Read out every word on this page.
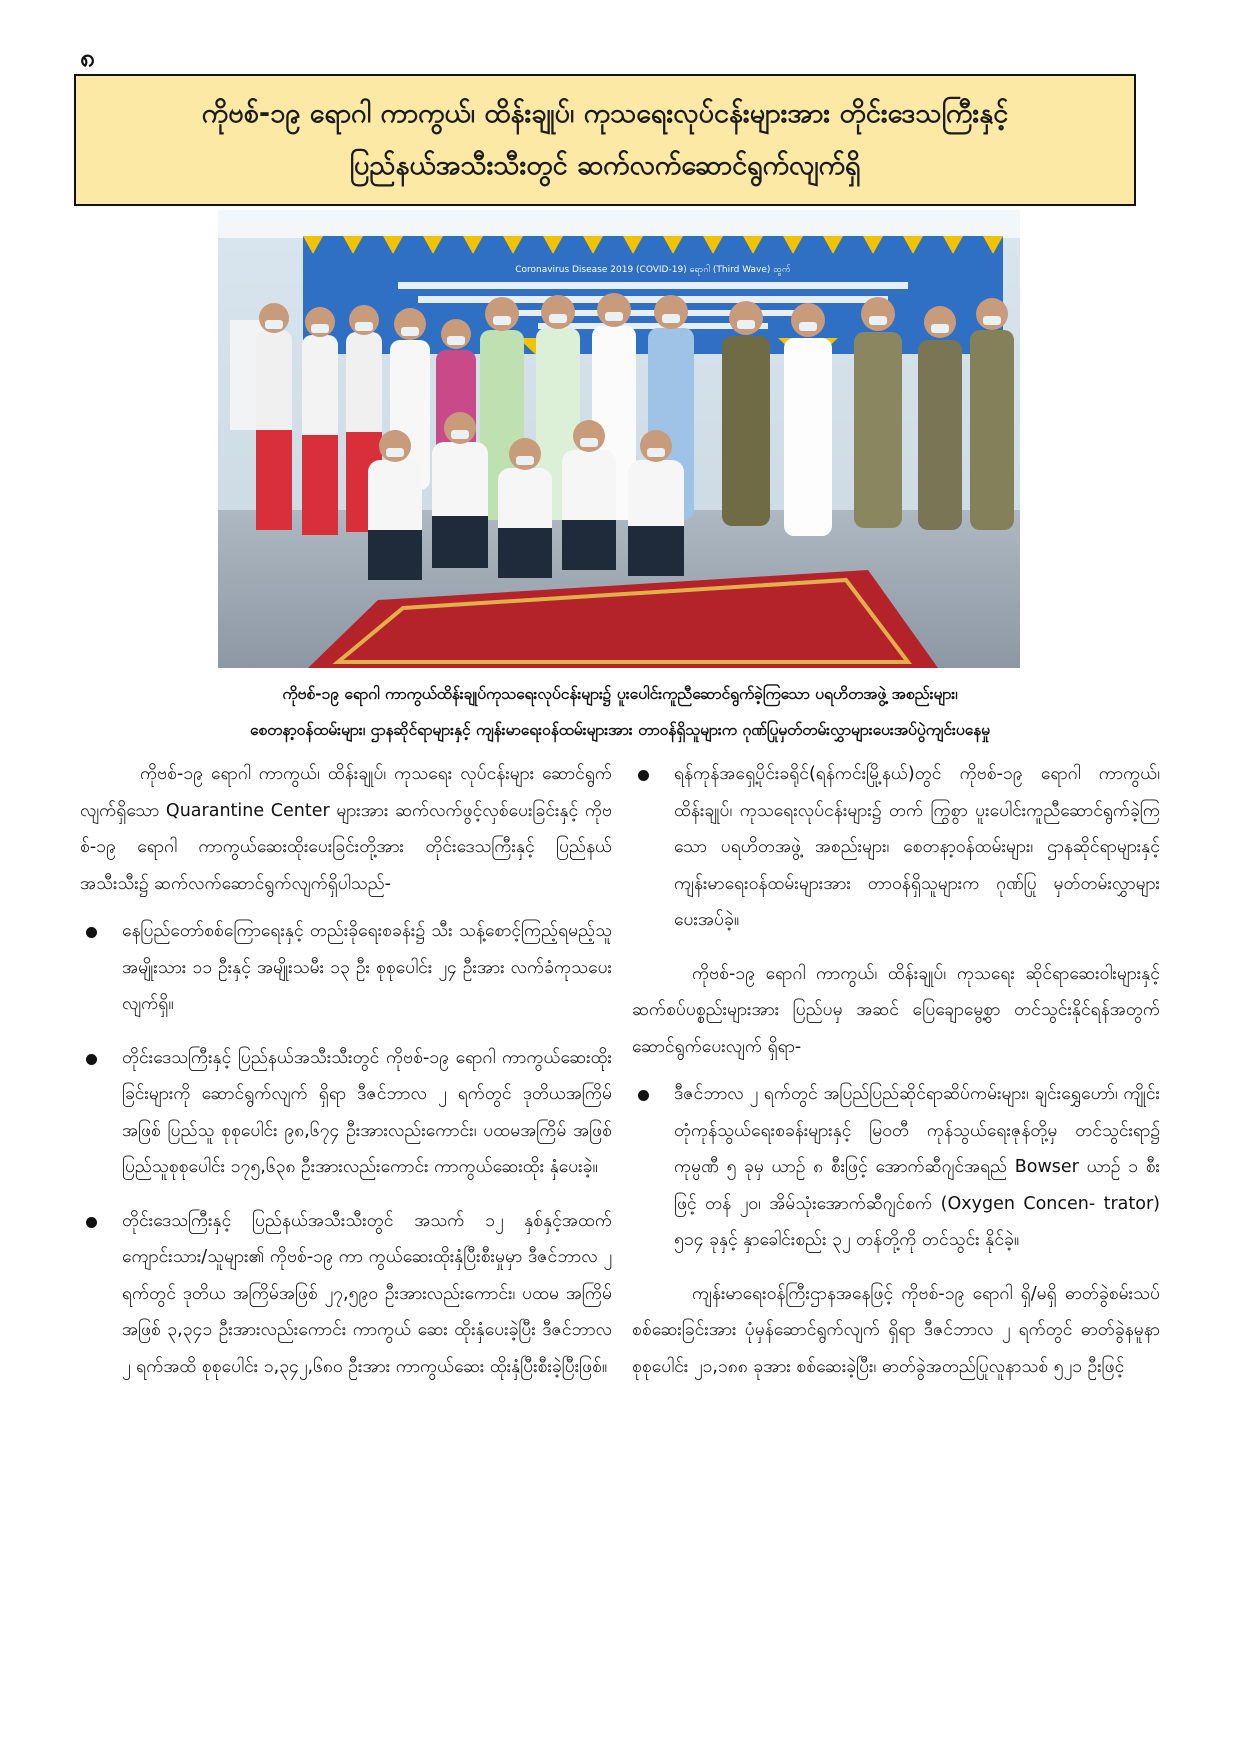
၈
ကိုဗစ်-၁၉ ရောဂါ ကာကွယ်၊ ထိန်းချုပ်၊ ကုသရေးလုပ်ငန်းများအား တိုင်းဒေသကြီးနှင့်
ပြည်နယ်အသီးသီးတွင် ဆက်လက်ဆောင်ရွက်လျက်ရှိ
Coronavirus Disease 2019 (COVID-19) ရောဂါ (Third Wave) ထွက်
ကိုဗစ်-၁၉ ရောဂါ ကာကွယ်ထိန်းချုပ်ကုသရေးလုပ်ငန်းများ၌ ပူးပေါင်းကူညီဆောင်ရွက်ခဲ့ကြသော ပရဟိတအဖွဲ့ အစည်းများ၊
စေတနာ့ဝန်ထမ်းများ၊ ဌာနဆိုင်ရာများနှင့် ကျန်းမာရေးဝန်ထမ်းများအား တာဝန်ရှိသူများက ဂုဏ်ပြုမှတ်တမ်းလွှာများပေးအပ်ပွဲကျင်းပနေမှု

ကိုဗစ်-၁၉ ရောဂါ ကာကွယ်၊ ထိန်းချုပ်၊ ကုသရေး လုပ်ငန်းများ ဆောင်ရွက်လျက်ရှိသော Quarantine Center များအား ဆက်လက်ဖွင့်လှစ်ပေးခြင်းနှင့် ကိုဗစ်-၁၉ ရောဂါ ကာကွယ်ဆေးထိုးပေးခြင်းတို့အား တိုင်းဒေသကြီးနှင့် ပြည်နယ် အသီးသီး၌ ဆက်လက်ဆောင်ရွက်လျက်ရှိပါသည်-

နေပြည်တော်စစ်ကြောရေးနှင့် တည်းခိုရေးစခန်း၌ သီး သန့်စောင့်ကြည့်ရမည့်သူ အမျိုးသား ၁၁ ဦးနှင့် အမျိုးသမီး ၁၃ ဦး စုစုပေါင်း ၂၄ ဦးအား လက်ခံကုသပေးလျက်ရှိ။
တိုင်းဒေသကြီးနှင့် ပြည်နယ်အသီးသီးတွင် ကိုဗစ်-၁၉ ရောဂါ ကာကွယ်ဆေးထိုးခြင်းများကို ဆောင်ရွက်လျက် ရှိရာ ဒီဇင်ဘာလ ၂ ရက်တွင် ဒုတိယအကြိမ်အဖြစ် ပြည်သူ စုစုပေါင်း ၉၈,၆၇၄ ဦးအားလည်းကောင်း၊ ပထမအကြိမ် အဖြစ် ပြည်သူစုစုပေါင်း ၁၇၅,၆၃၈ ဦးအားလည်းကောင်း ကာကွယ်ဆေးထိုး နှံပေးခဲ့။
တိုင်းဒေသကြီးနှင့် ပြည်နယ်အသီးသီးတွင် အသက် ၁၂ နှစ်နှင့်အထက် ကျောင်းသား/သူများ၏ ကိုဗစ်-၁၉ ကာ ကွယ်ဆေးထိုးနှံပြီးစီးမှုမှာ ဒီဇင်ဘာလ ၂ ရက်တွင် ဒုတိယ အကြိမ်အဖြစ် ၂၇,၅၉၀ ဦးအားလည်းကောင်း၊ ပထမ အကြိမ်အဖြစ် ၃,၃၄၁ ဦးအားလည်းကောင်း ကာကွယ် ဆေး ထိုးနှံပေးခဲ့ပြီး ဒီဇင်ဘာလ ၂ ရက်အထိ စုစုပေါင်း ၁,၃၄၂,၆၈၀ ဦးအား ကာကွယ်ဆေး ထိုးနှံပြီးစီးခဲ့ပြီးဖြစ်။
ရန်ကုန်အရှေ့ပိုင်းခရိုင်(ရန်ကင်းမြို့နယ်)တွင် ကိုဗစ်-၁၉ ရောဂါ ကာကွယ်၊ ထိန်းချုပ်၊ ကုသရေးလုပ်ငန်းများ၌ တက် ကြွစွာ ပူးပေါင်းကူညီဆောင်ရွက်ခဲ့ကြသော ပရဟိတအဖွဲ့ အစည်းများ၊ စေတနာ့ဝန်ထမ်းများ၊ ဌာနဆိုင်ရာများနှင့် ကျန်းမာရေးဝန်ထမ်းများအား တာဝန်ရှိသူများက ဂုဏ်ပြု မှတ်တမ်းလွှာများ ပေးအပ်ခဲ့။

ကိုဗစ်-၁၉ ရောဂါ ကာကွယ်၊ ထိန်းချုပ်၊ ကုသရေး ဆိုင်ရာဆေးဝါးများနှင့် ဆက်စပ်ပစ္စည်းများအား ပြည်ပမှ အဆင် ပြေချောမွေ့စွာ တင်သွင်းနိုင်ရန်အတွက် ဆောင်ရွက်ပေးလျက် ရှိရာ-

ဒီဇင်ဘာလ ၂ ရက်တွင် အပြည်ပြည်ဆိုင်ရာဆိပ်ကမ်းများ၊ ချင်းရွှေဟော်၊ ကျိုင်းတုံကုန်သွယ်ရေးစခန်းများနှင့် မြဝတီ ကုန်သွယ်ရေးဇုန်တို့မှ တင်သွင်းရာ၌ ကုမ္ပဏီ ၅ ခုမှ ယာဉ် ၈ စီးဖြင့် အောက်ဆီဂျင်အရည် Bowser ယာဉ် ၁ စီးဖြင့် တန် ၂၀၊ အိမ်သုံးအောက်ဆီဂျင်စက် (Oxygen Concen- trator) ၅၁၄ ခုနှင့် နှာခေါင်းစည်း ၃၂ တန်တို့ကို တင်သွင်း နိုင်ခဲ့။

ကျန်းမာရေးဝန်ကြီးဌာနအနေဖြင့် ကိုဗစ်-၁၉ ရောဂါ ရှိ/မရှိ ဓာတ်ခွဲစမ်းသပ်စစ်ဆေးခြင်းအား ပုံမှန်ဆောင်ရွက်လျက် ရှိရာ ဒီဇင်ဘာလ ၂ ရက်တွင် ဓာတ်ခွဲနမူနာ စုစုပေါင်း ၂၁,၁၈၈ ခုအား စစ်ဆေးခဲ့ပြီး၊ ဓာတ်ခွဲအတည်ပြုလူနာသစ် ၅၂၁ ဦးဖြင့်
